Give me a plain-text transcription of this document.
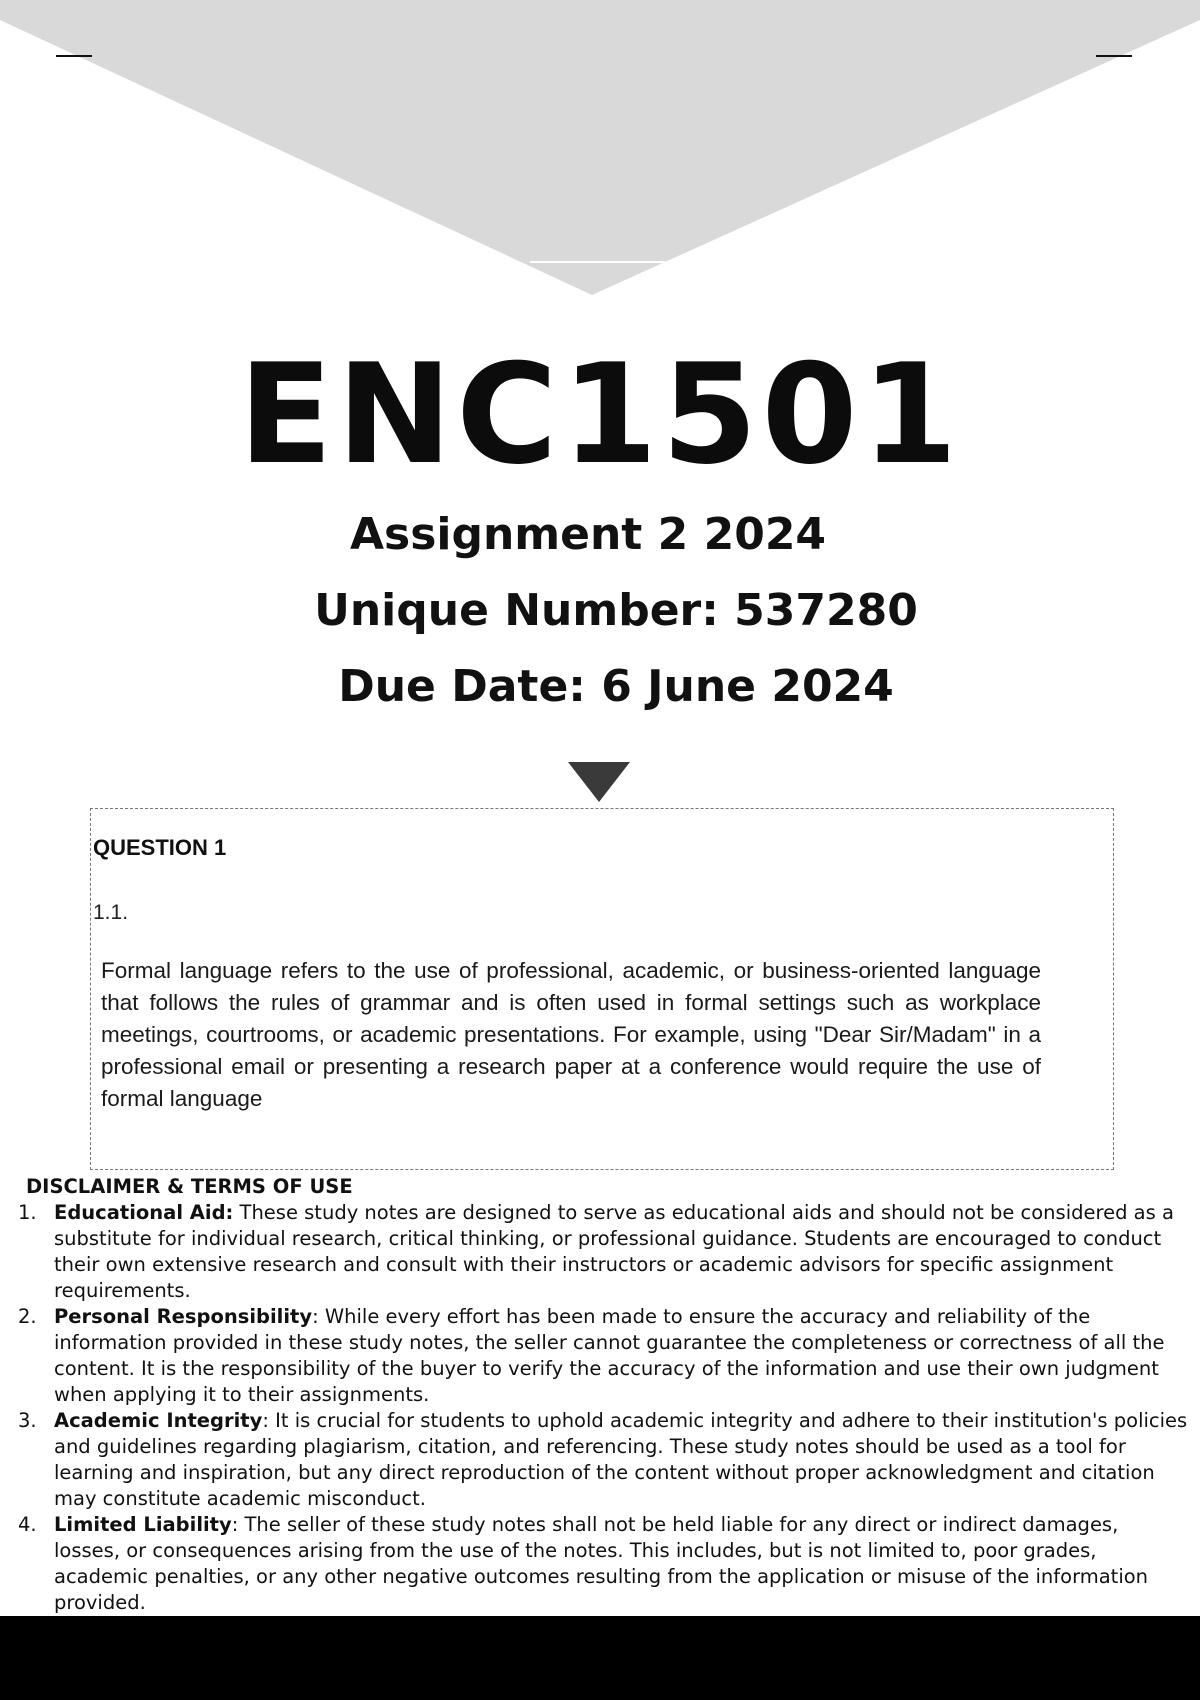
ENC1501
Assignment 2 2024
Unique Number: 537280
Due Date: 6 June 2024
QUESTION 1
1.1.
Formal language refers to the use of professional, academic, or business-oriented language that follows the rules of grammar and is often used in formal settings such as workplace meetings, courtrooms, or academic presentations. For example, using "Dear Sir/Madam" in a professional email or presenting a research paper at a conference would require the use of formal language
DISCLAIMER & TERMS OF USE
1. Educational Aid: These study notes are designed to serve as educational aids and should not be considered as a substitute for individual research, critical thinking, or professional guidance. Students are encouraged to conduct their own extensive research and consult with their instructors or academic advisors for specific assignment requirements.
2. Personal Responsibility: While every effort has been made to ensure the accuracy and reliability of the information provided in these study notes, the seller cannot guarantee the completeness or correctness of all the content. It is the responsibility of the buyer to verify the accuracy of the information and use their own judgment when applying it to their assignments.
3. Academic Integrity: It is crucial for students to uphold academic integrity and adhere to their institution's policies and guidelines regarding plagiarism, citation, and referencing. These study notes should be used as a tool for learning and inspiration, but any direct reproduction of the content without proper acknowledgment and citation may constitute academic misconduct.
4. Limited Liability: The seller of these study notes shall not be held liable for any direct or indirect damages, losses, or consequences arising from the use of the notes. This includes, but is not limited to, poor grades, academic penalties, or any other negative outcomes resulting from the application or misuse of the information provided.
